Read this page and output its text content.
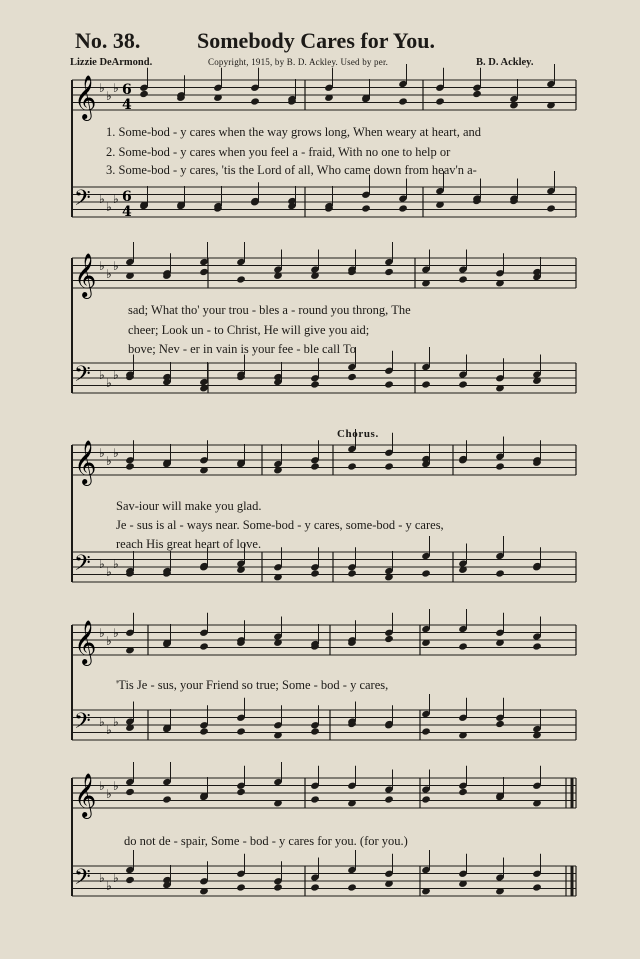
No. 38.	Somebody Cares for You.
Lizzie DeArmond.	Copyright, 1915, by B. D. Ackley. Used by per.	B. D. Ackley.
𝄞 ♭
♭
♭ 6
4
𝄢 ♭
♭
♭ 6
4
𝄞 ♭
♭
♭
𝄢 ♭
♭
♭
𝄞 ♭
♭
♭
𝄢 ♭
♭
♭
𝄞 ♭
♭
♭
𝄢 ♭
♭
♭
𝄞 ♭
♭
♭
𝄢 ♭
♭
♭
1. Some-bod - y cares when the way grows long, When weary at heart, and
2. Some-bod - y cares when you feel a - fraid, With no one to help or
3. Some-bod - y cares, 'tis the Lord of all, Who came down from heav'n a-
sad; What tho' your trou - bles a - round you throng, The
cheer; Look un - to Christ, He will give you aid;
bove; Nev - er in vain is your fee - ble call To
Chorus.
Sav-iour will make you glad.
Je - sus is al - ways near. Some-bod - y cares, some-bod - y cares,
reach His great heart of love.
'Tis Je - sus, your Friend so true; Some - bod - y cares,
do not de - spair, Some - bod - y cares for you. (for you.)
